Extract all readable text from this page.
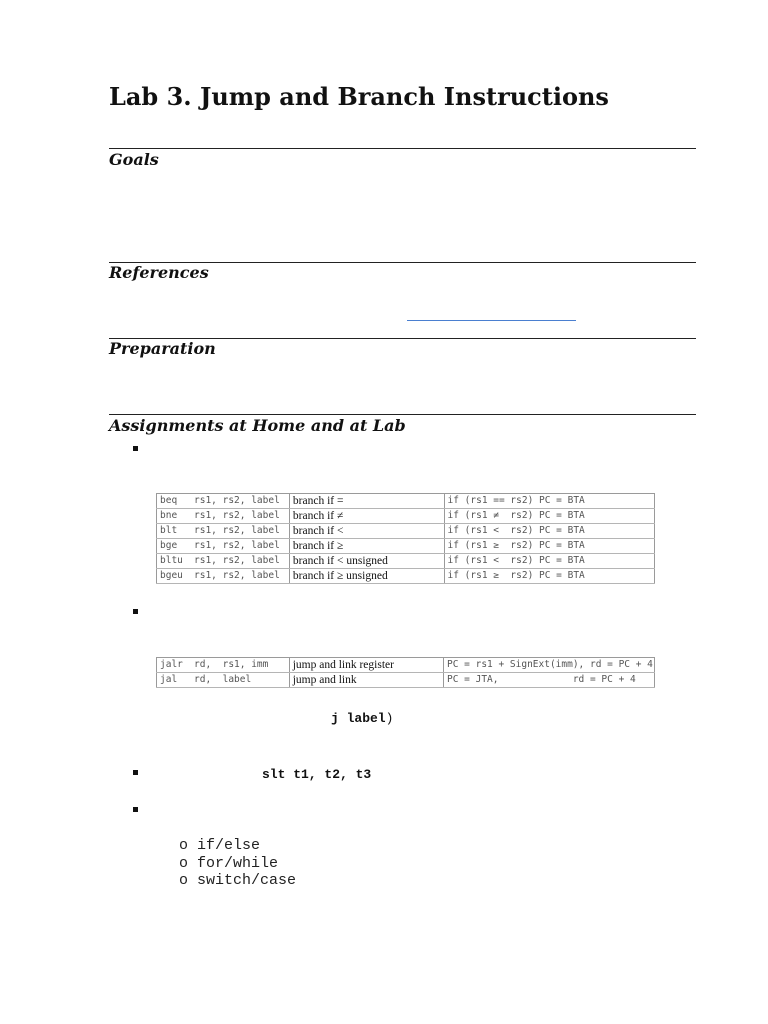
Lab 3. Jump and Branch Instructions
Goals
References
Preparation
Assignments at Home and at Lab
beq rs1, rs2, label	branch if =	if (rs1 == rs2) PC = BTA
bne rs1, rs2, label	branch if ≠	if (rs1 ≠  rs2) PC = BTA
blt rs1, rs2, label	branch if <	if (rs1 <  rs2) PC = BTA
bge rs1, rs2, label	branch if ≥	if (rs1 ≥  rs2) PC = BTA
bltu rs1, rs2, label	branch if < unsigned	if (rs1 <  rs2) PC = BTA
bgeu rs1, rs2, label	branch if ≥ unsigned	if (rs1 ≥  rs2) PC = BTA
jalr rd,  rs1, imm	jump and link register	PC = rs1 + SignExt(imm), rd = PC + 4
jal rd,  label	jump and link	PC = JTA,             rd = PC + 4
j label)
slt t1, t2, t3
o if/else
o for/while
o switch/case
